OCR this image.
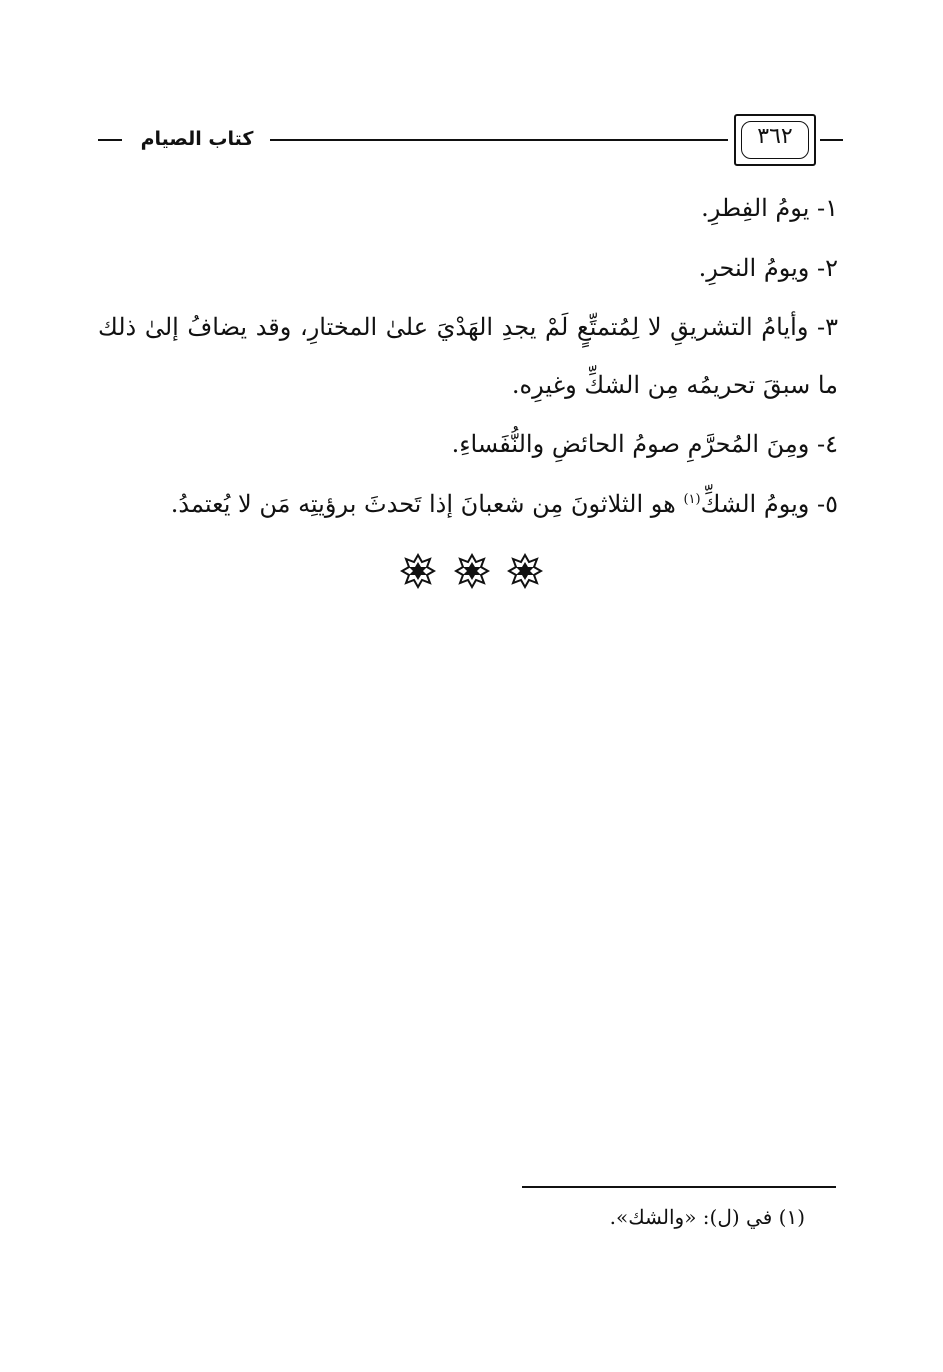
كتاب الصيام	٣٦٢

١- يومُ الفِطرِ.

٢- ويومُ النحرِ.

٣- وأيامُ التشريقِ لا لِمُتمتِّعٍ لَمْ يجدِ الهَدْيَ علىٰ المختارِ، وقد يضافُ إلىٰ ذلك ما سبقَ تحريمُه مِن الشكِّ وغيرِه.

٤- ومِنَ المُحرَّمِ صومُ الحائضِ والنُّفَساءِ.

٥- ويومُ الشكِّ$^{(١)}$ هو الثلاثونَ مِن شعبانَ إذا تَحدثَ برؤيتِه مَن لا يُعتمدُ.

(١) في (ل): «والشك».
